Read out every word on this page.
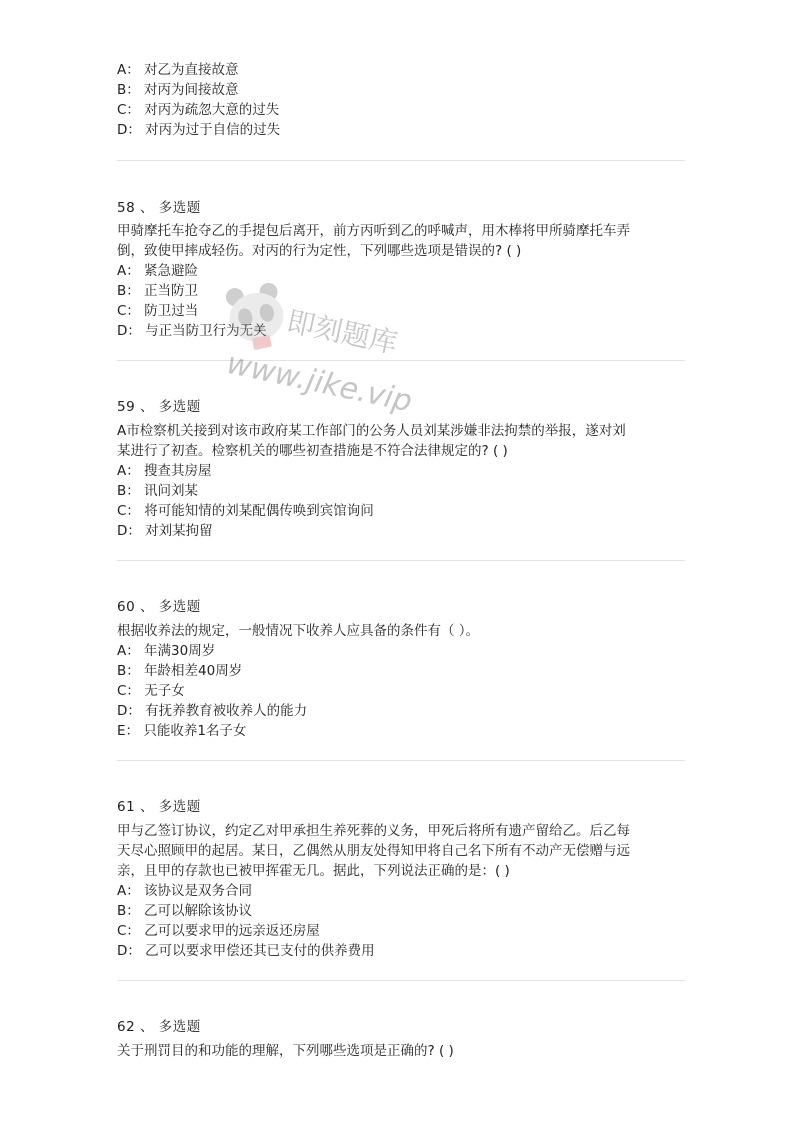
A： 对乙为直接故意
B： 对丙为间接故意
C： 对丙为疏忽大意的过失
D： 对丙为过于自信的过失
58 、 多选题
甲骑摩托车抢夺乙的手提包后离开，前方丙听到乙的呼喊声，用木棒将甲所骑摩托车弄
倒，致使甲摔成轻伤。对丙的行为定性，下列哪些选项是错误的? ( )
A： 紧急避险
B： 正当防卫
C： 防卫过当
D： 与正当防卫行为无关
59 、 多选题
A市检察机关接到对该市政府某工作部门的公务人员刘某涉嫌非法拘禁的举报，遂对刘
某进行了初查。检察机关的哪些初查措施是不符合法律规定的? ( )
A： 搜查其房屋
B： 讯问刘某
C： 将可能知情的刘某配偶传唤到宾馆询问
D： 对刘某拘留
60 、 多选题
根据收养法的规定，一般情况下收养人应具备的条件有（ ）。
A： 年满30周岁
B： 年龄相差40周岁
C： 无子女
D： 有抚养教育被收养人的能力
E： 只能收养1名子女
61 、 多选题
甲与乙签订协议，约定乙对甲承担生养死葬的义务，甲死后将所有遗产留给乙。后乙每
天尽心照顾甲的起居。某日，乙偶然从朋友处得知甲将自己名下所有不动产无偿赠与远
亲，且甲的存款也已被甲挥霍无几。据此，下列说法正确的是：( )
A： 该协议是双务合同
B： 乙可以解除该协议
C： 乙可以要求甲的远亲返还房屋
D： 乙可以要求甲偿还其已支付的供养费用
62 、 多选题
关于刑罚目的和功能的理解，下列哪些选项是正确的? ( )
即刻题库
www.jike.vip
